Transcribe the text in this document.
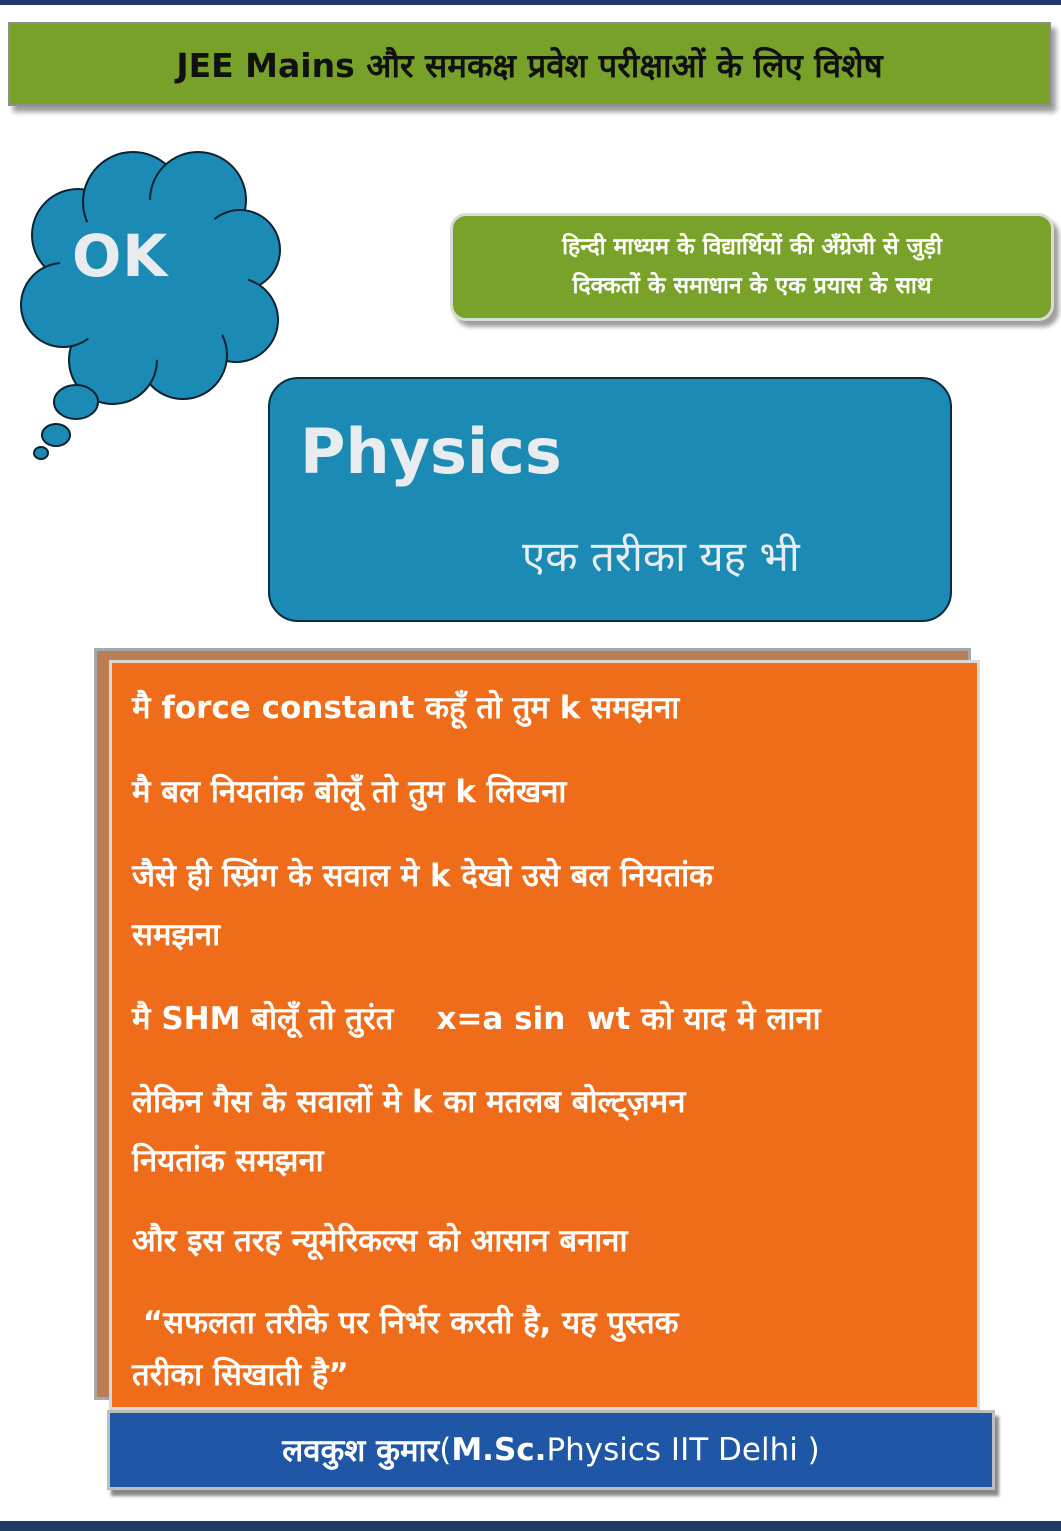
JEE Mains और समकक्ष प्रवेश परीक्षाओं के लिए विशेष
OK	हिन्दी माध्यम के विद्यार्थियों की अँग्रेजी से जुड़ी
दिक्कतों के समाधान के एक प्रयास के साथ
Physics
एक तरीका यह भी
मै force constant कहूँ तो तुम k समझना
मै बल नियतांक बोलूँ तो तुम k लिखना
जैसे ही स्प्रिंग के सवाल मे k देखो उसे बल नियतांक
समझना
मै SHM बोलूँ तो तुरंत    x=a sin  wt को याद मे लाना
लेकिन गैस के सवालों मे k का मतलब बोल्ट्ज़मन
नियतांक समझना
और इस तरह न्यूमेरिकल्स को आसान बनाना
“सफलता तरीके पर निर्भर करती है, यह पुस्तक
तरीका सिखाती है”
लवकुश कुमार ( M.Sc. Physics IIT Delhi )
